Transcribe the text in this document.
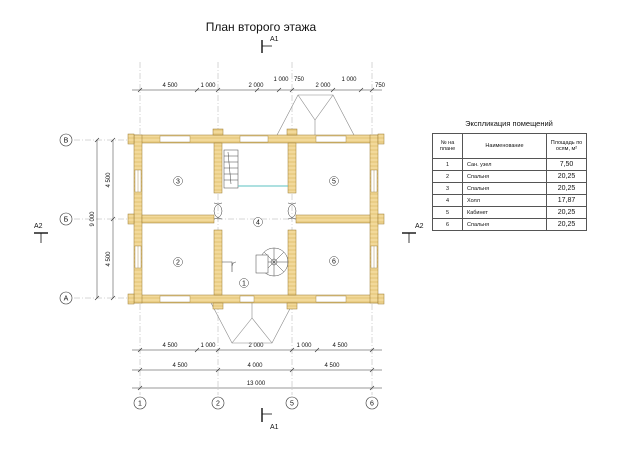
План второго этажа
А1
А1
А2	А2
4 500	1 000	2 000
1 000 750
2 000
1 000
750
4 500
9 000
4 500
4 500	1 000	2 000	1 000	4 500
4 500	4 000	4 500
13 000
В
Б
А
1	2	5	6
3	5
4
2	6
1
Экспликация помещений
№ на плане	Наименование	Площадь по осям, м²
1	Сан. узел	7,50
2	Спальня	20,25
3	Спальня	20,25
4	Холл	17,87
5	Кабинет	20,25
6	Спальня	20,25
